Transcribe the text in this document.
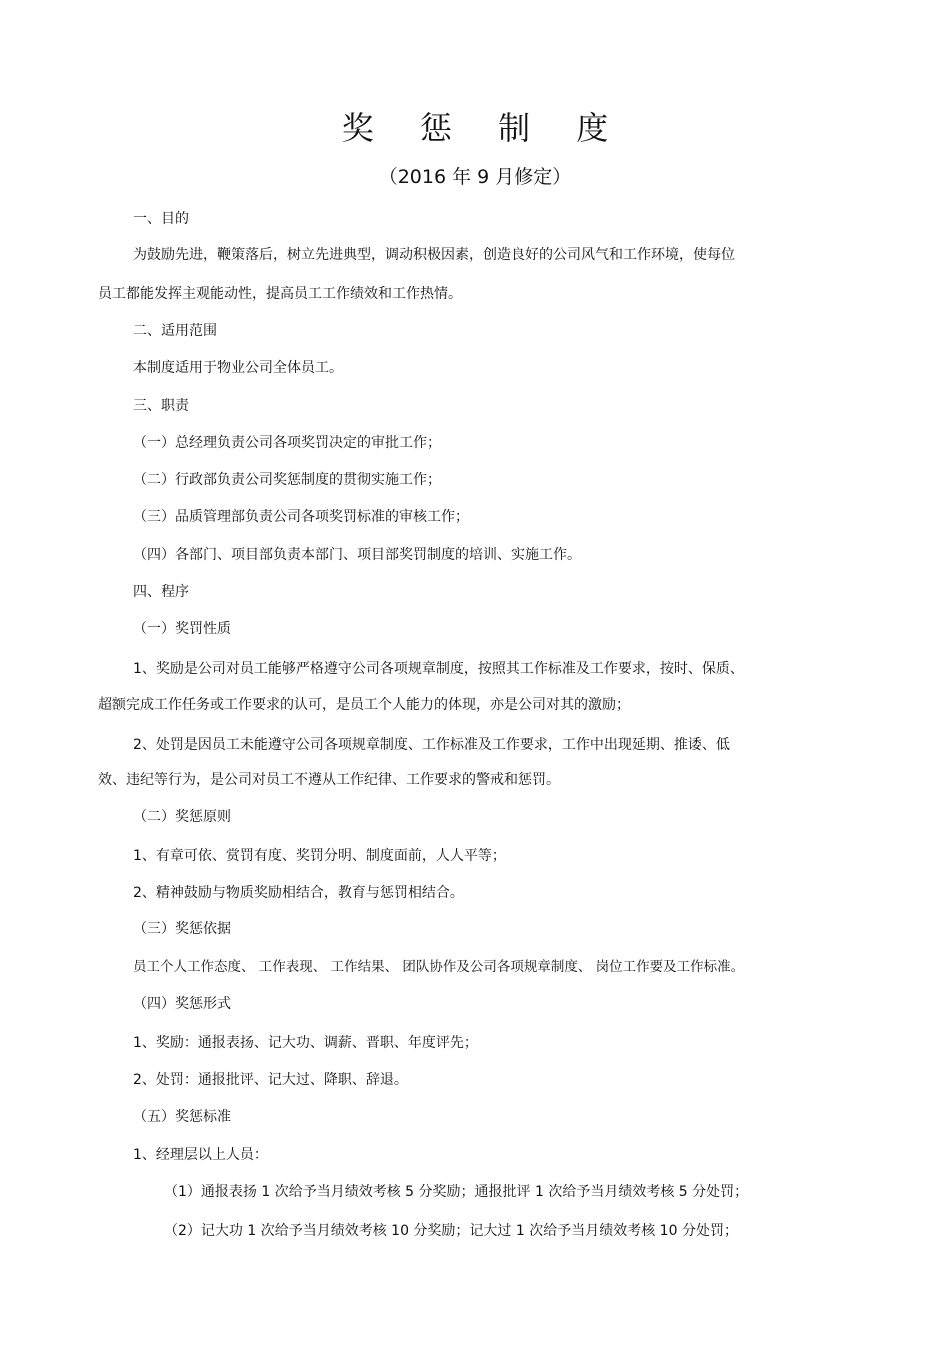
奖 惩 制 度
（2016 年 9 月修定）
一、目的
为鼓励先进，鞭策落后，树立先进典型，调动积极因素，创造良好的公司风气和工作环境，使每位
员工都能发挥主观能动性，提高员工工作绩效和工作热情。
二、适用范围
本制度适用于物业公司全体员工。
三、职责
（一）总经理负责公司各项奖罚决定的审批工作；
（二）行政部负责公司奖惩制度的贯彻实施工作；
（三）品质管理部负责公司各项奖罚标准的审核工作；
（四）各部门、项目部负责本部门、项目部奖罚制度的培训、实施工作。
四、程序
（一）奖罚性质
1、奖励是公司对员工能够严格遵守公司各项规章制度，按照其工作标准及工作要求，按时、保质、
超额完成工作任务或工作要求的认可，是员工个人能力的体现，亦是公司对其的激励；
2、处罚是因员工未能遵守公司各项规章制度、工作标准及工作要求，工作中出现延期、推诿、低
效、违纪等行为，是公司对员工不遵从工作纪律、工作要求的警戒和惩罚。
（二）奖惩原则
1、有章可依、赏罚有度、奖罚分明、制度面前，人人平等；
2、精神鼓励与物质奖励相结合，教育与惩罚相结合。
（三）奖惩依据
员工个人工作态度、 工作表现、 工作结果、 团队协作及公司各项规章制度、 岗位工作要及工作标准。
（四）奖惩形式
1、奖励：通报表扬、记大功、调薪、晋职、年度评先；
2、处罚：通报批评、记大过、降职、辞退。
（五）奖惩标准
1、经理层以上人员：
（1）通报表扬 1 次给予当月绩效考核 5 分奖励；通报批评 1 次给予当月绩效考核 5 分处罚；
（2）记大功 1 次给予当月绩效考核 10 分奖励；记大过 1 次给予当月绩效考核 10 分处罚；
